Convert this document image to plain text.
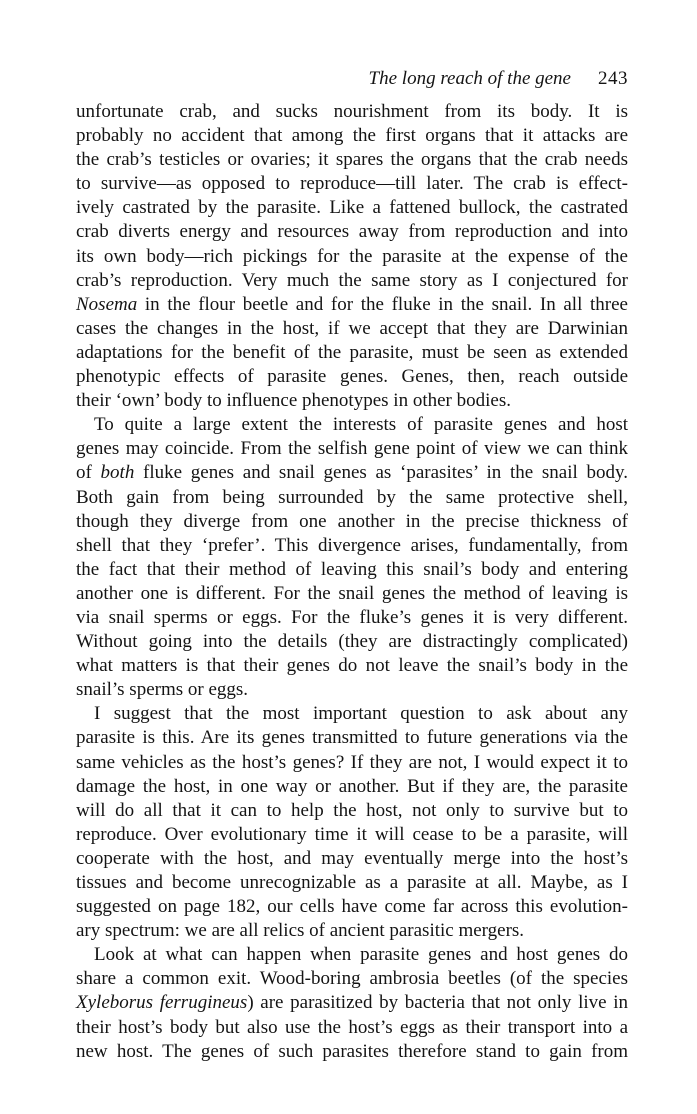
The long reach of the gene 243
unfortunate crab, and sucks nourishment from its body. It is
probably no accident that among the first organs that it attacks are
the crab’s testicles or ovaries; it spares the organs that the crab needs
to survive—as opposed to reproduce—till later. The crab is effect-
ively castrated by the parasite. Like a fattened bullock, the castrated
crab diverts energy and resources away from reproduction and into
its own body—rich pickings for the parasite at the expense of the
crab’s reproduction. Very much the same story as I conjectured for
Nosema in the flour beetle and for the fluke in the snail. In all three
cases the changes in the host, if we accept that they are Darwinian
adaptations for the benefit of the parasite, must be seen as extended
phenotypic effects of parasite genes. Genes, then, reach outside
their ‘own’ body to influence phenotypes in other bodies.
To quite a large extent the interests of parasite genes and host
genes may coincide. From the selfish gene point of view we can think
of both fluke genes and snail genes as ‘parasites’ in the snail body.
Both gain from being surrounded by the same protective shell,
though they diverge from one another in the precise thickness of
shell that they ‘prefer’. This divergence arises, fundamentally, from
the fact that their method of leaving this snail’s body and entering
another one is different. For the snail genes the method of leaving is
via snail sperms or eggs. For the fluke’s genes it is very different.
Without going into the details (they are distractingly complicated)
what matters is that their genes do not leave the snail’s body in the
snail’s sperms or eggs.
I suggest that the most important question to ask about any
parasite is this. Are its genes transmitted to future generations via the
same vehicles as the host’s genes? If they are not, I would expect it to
damage the host, in one way or another. But if they are, the parasite
will do all that it can to help the host, not only to survive but to
reproduce. Over evolutionary time it will cease to be a parasite, will
cooperate with the host, and may eventually merge into the host’s
tissues and become unrecognizable as a parasite at all. Maybe, as I
suggested on page 182, our cells have come far across this evolution-
ary spectrum: we are all relics of ancient parasitic mergers.
Look at what can happen when parasite genes and host genes do
share a common exit. Wood-boring ambrosia beetles (of the species
Xyleborus ferrugineus) are parasitized by bacteria that not only live in
their host’s body but also use the host’s eggs as their transport into a
new host. The genes of such parasites therefore stand to gain from
